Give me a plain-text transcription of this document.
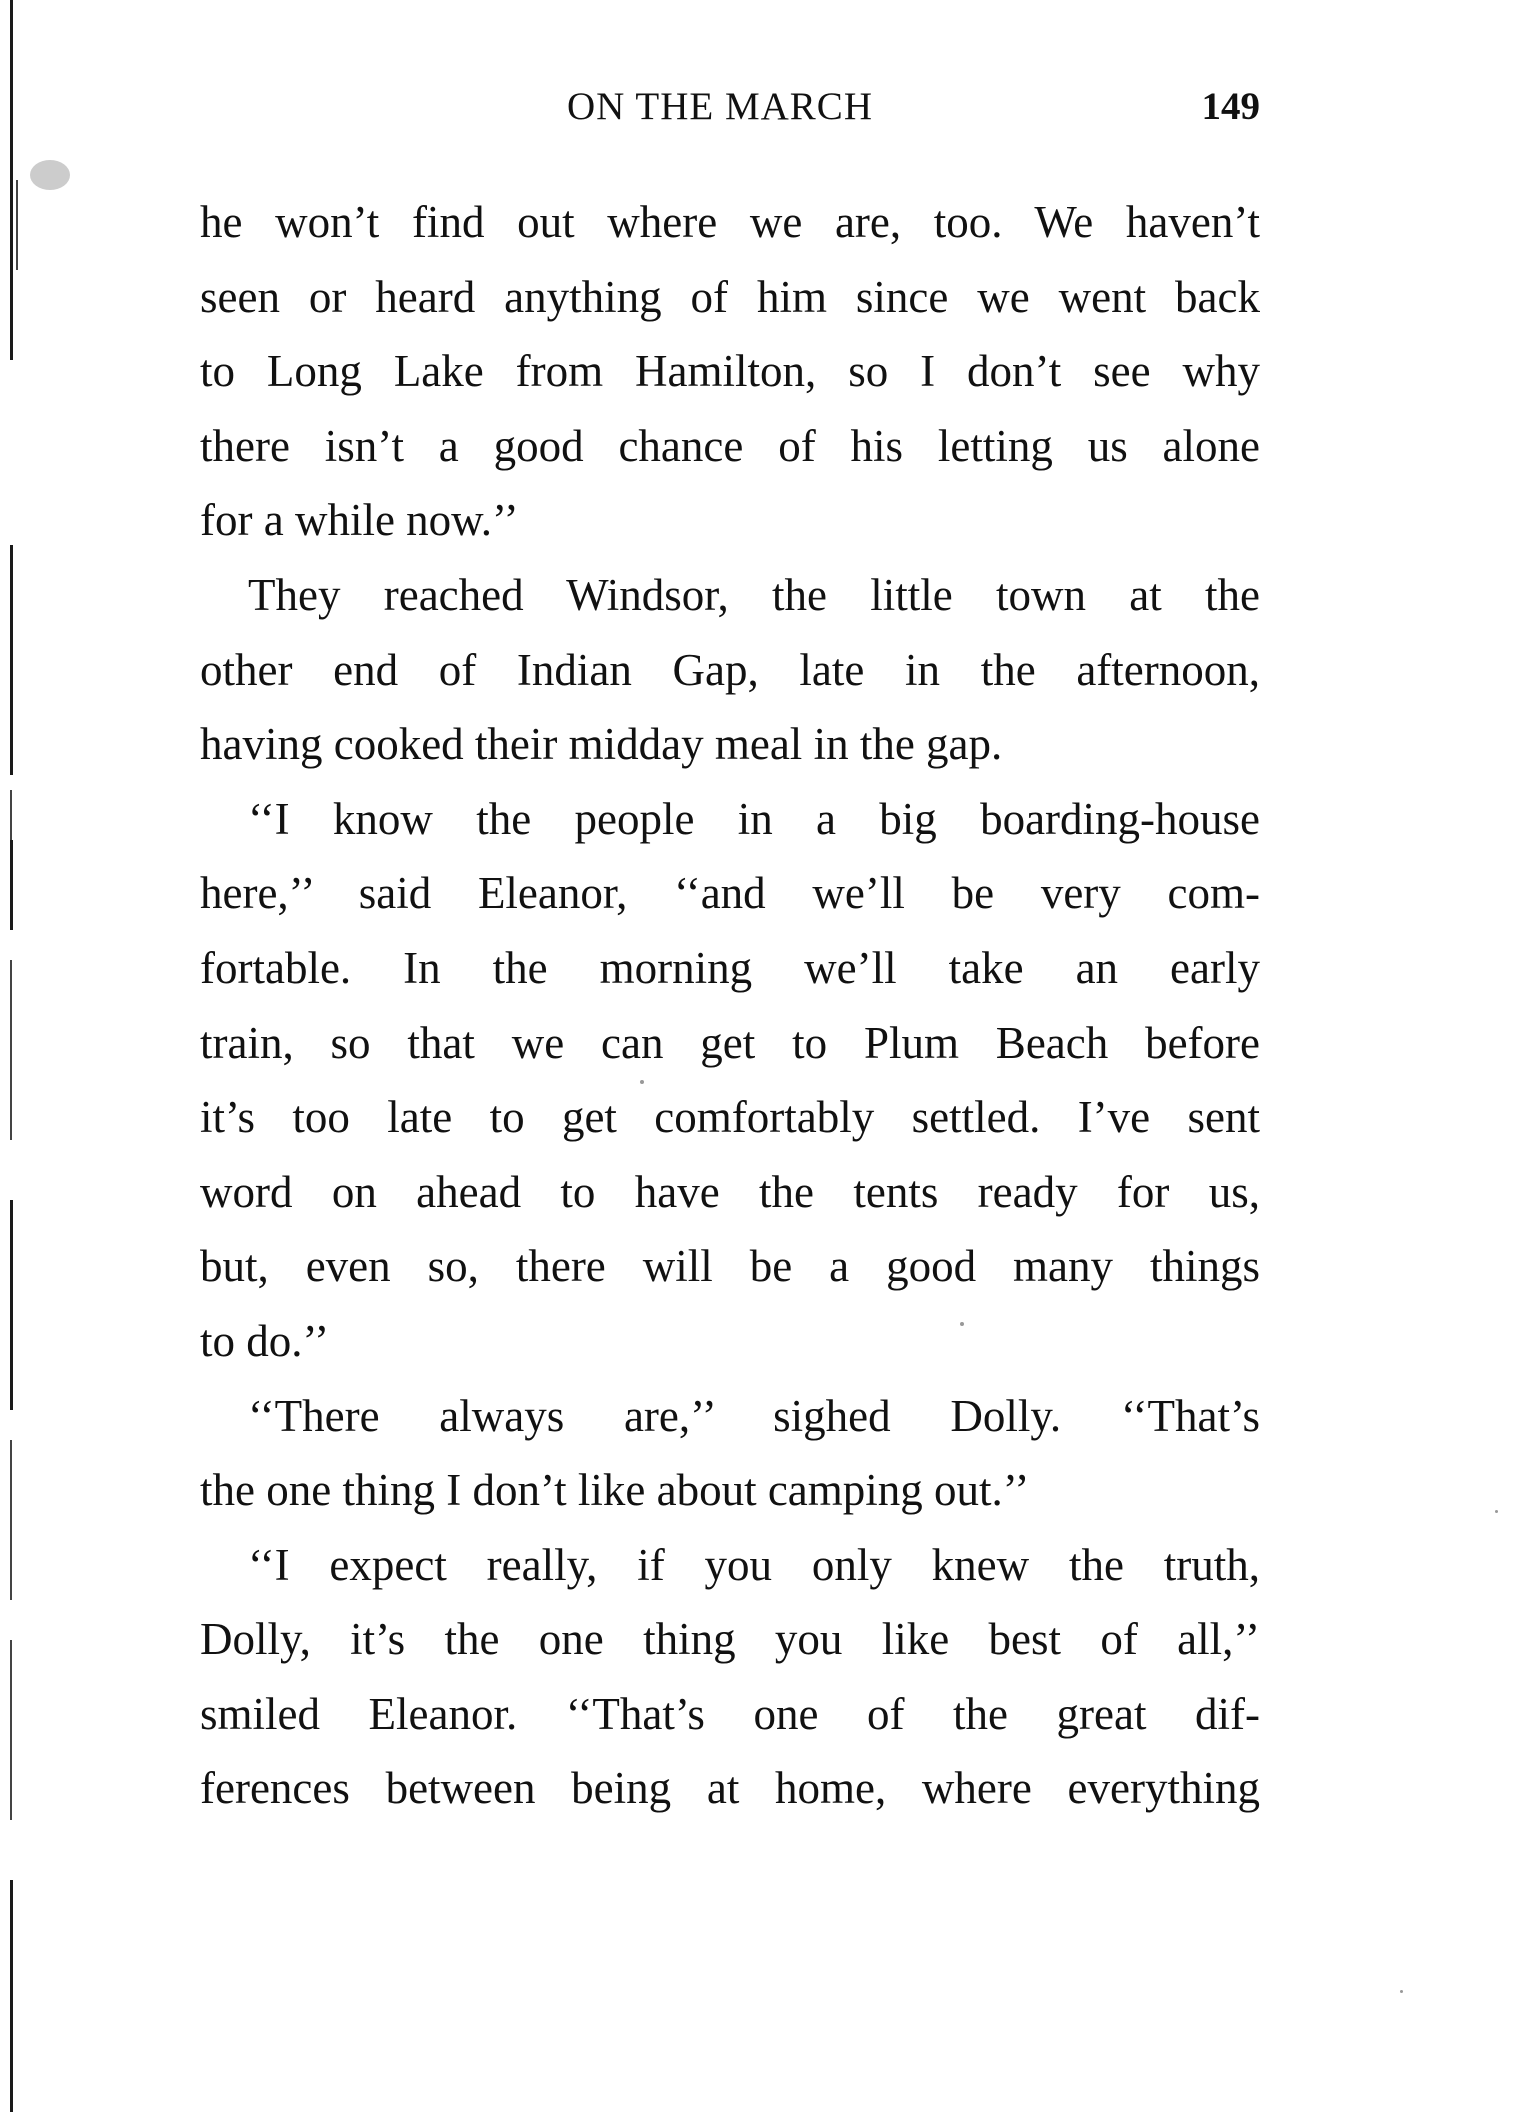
ON THE MARCH	149
he won’t find out where we are, too. We haven’t
seen or heard anything of him since we went back
to Long Lake from Hamilton, so I don’t see why
there isn’t a good chance of his letting us alone
for a while now.’’
They reached Windsor, the little town at the
other end of Indian Gap, late in the afternoon,
having cooked their midday meal in the gap.
‘‘I know the people in a big boarding-house
here,’’ said Eleanor, ‘‘and we’ll be very com-
fortable. In the morning we’ll take an early
train, so that we can get to Plum Beach before
it’s too late to get comfortably settled. I’ve sent
word on ahead to have the tents ready for us,
but, even so, there will be a good many things
to do.’’
‘‘There always are,’’ sighed Dolly. ‘‘That’s
the one thing I don’t like about camping out.’’
‘‘I expect really, if you only knew the truth,
Dolly, it’s the one thing you like best of all,’’
smiled Eleanor. ‘‘That’s one of the great dif-
ferences between being at home, where everything
